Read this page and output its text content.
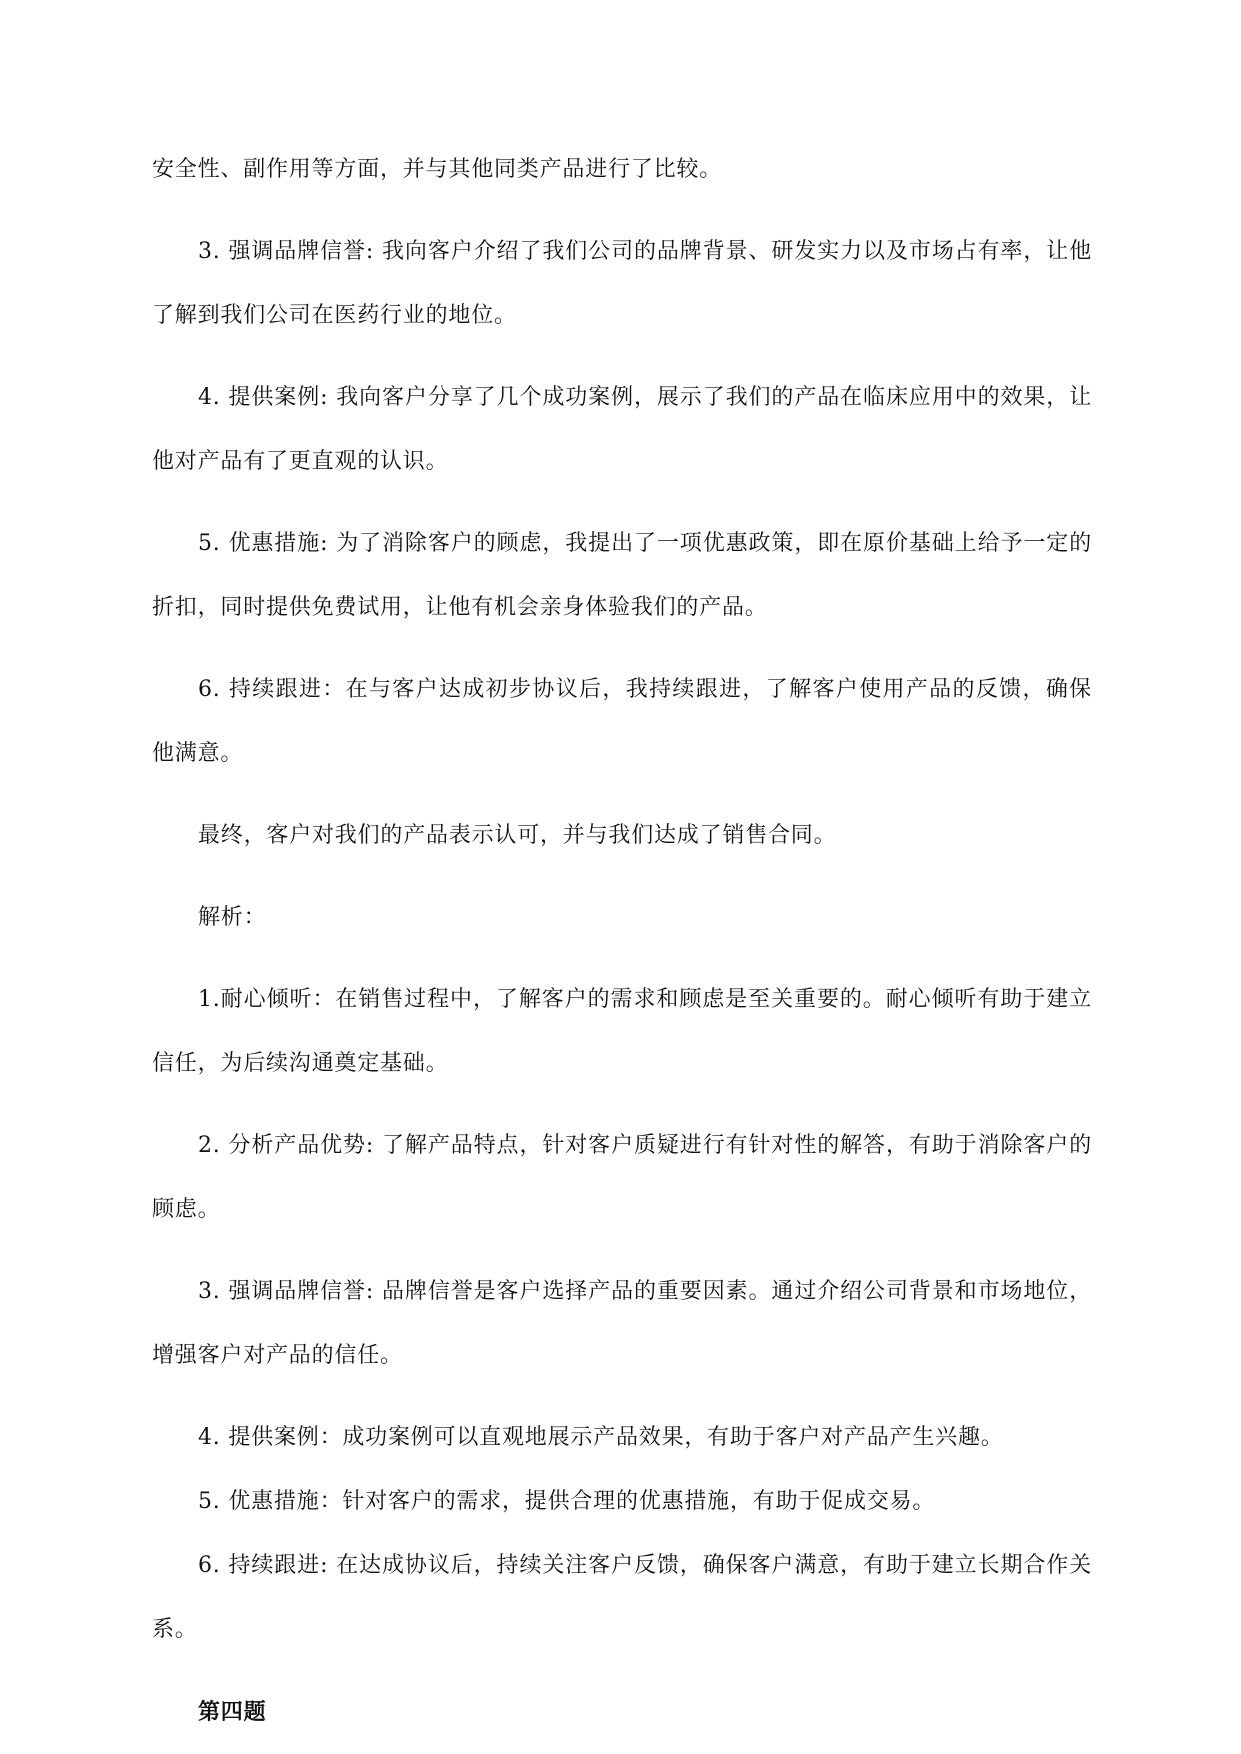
安全性、副作用等方面，并与其他同类产品进行了比较。

3. 强调品牌信誉: 我向客户介绍了我们公司的品牌背景、研发实力以及市场占有率，让他了解到我们公司在医药行业的地位。

4. 提供案例: 我向客户分享了几个成功案例，展示了我们的产品在临床应用中的效果，让他对产品有了更直观的认识。

5. 优惠措施: 为了消除客户的顾虑，我提出了一项优惠政策，即在原价基础上给予一定的折扣，同时提供免费试用，让他有机会亲身体验我们的产品。

6. 持续跟进：在与客户达成初步协议后，我持续跟进，了解客户使用产品的反馈，确保他满意。

最终，客户对我们的产品表示认可，并与我们达成了销售合同。

解析：

1.耐心倾听：在销售过程中，了解客户的需求和顾虑是至关重要的。耐心倾听有助于建立信任，为后续沟通奠定基础。

2. 分析产品优势: 了解产品特点，针对客户质疑进行有针对性的解答，有助于消除客户的顾虑。

3. 强调品牌信誉: 品牌信誉是客户选择产品的重要因素。通过介绍公司背景和市场地位，增强客户对产品的信任。

4. 提供案例：成功案例可以直观地展示产品效果，有助于客户对产品产生兴趣。

5. 优惠措施：针对客户的需求，提供合理的优惠措施，有助于促成交易。

6. 持续跟进: 在达成协议后，持续关注客户反馈，确保客户满意，有助于建立长期合作关系。

第四题
